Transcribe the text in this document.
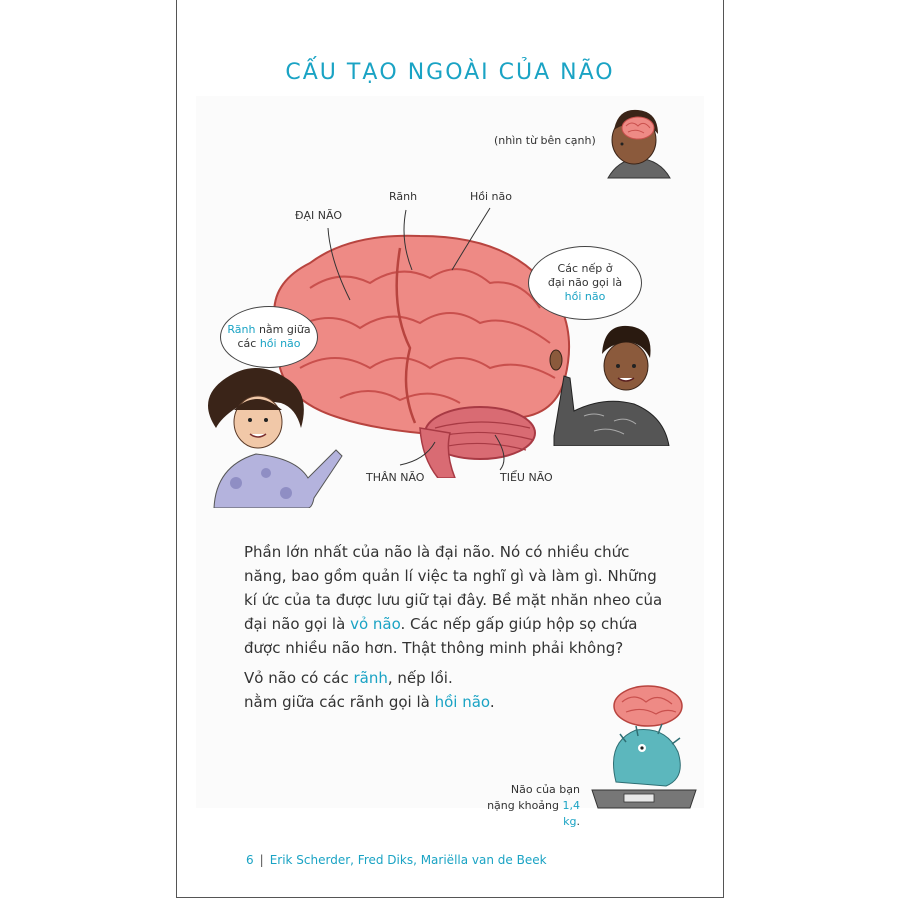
CẤU TẠO NGOÀI CỦA NÃO
(nhìn từ bên cạnh)
ĐẠI NÃO
Rãnh	Hồi não
THÂN NÃO	TIỂU NÃO
Rãnh nằm giữa
các hồi não
Các nếp ở
đại não gọi là
hồi não
Phần lớn nhất của não là đại não. Nó có nhiều chức năng, bao gồm quản lí việc ta nghĩ gì và làm gì. Những kí ức của ta được lưu giữ tại đây. Bề mặt nhăn nheo của đại não gọi là vỏ não. Các nếp gấp giúp hộp sọ chứa được nhiều não hơn. Thật thông minh phải không?
Vỏ não có các rãnh, nếp lồi.
nằm giữa các rãnh gọi là hồi não.
Não của bạn
nặng khoảng 1,4 kg.
6 | Erik Scherder, Fred Diks, Mariëlla van de Beek
